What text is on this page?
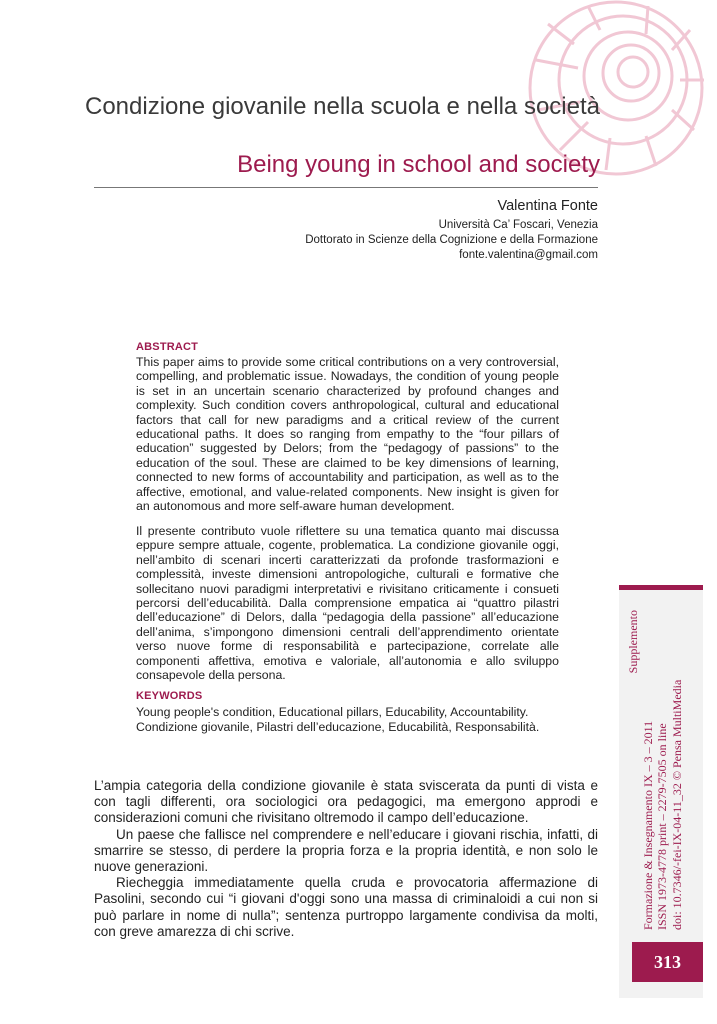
Condizione giovanile nella scuola e nella società
Being young in school and society
Valentina Fonte
Università Ca’ Foscari, Venezia
Dottorato in Scienze della Cognizione e della Formazione
fonte.valentina@gmail.com
ABSTRACT
This paper aims to provide some critical contributions on a very controversial, compelling, and problematic issue. Nowadays, the condition of young people is set in an uncertain scenario characterized by profound changes and complexity. Such condition covers anthropological, cultural and educational factors that call for new paradigms and a critical review of the current educational paths. It does so ranging from empathy to the “four pillars of education” suggested by Delors; from the “pedagogy of passions” to the education of the soul. These are claimed to be key dimensions of learning, connected to new forms of accountability and participation, as well as to the affective, emotional, and value-related components. New insight is given for an autonomous and more self-aware human development.
Il presente contributo vuole riflettere su una tematica quanto mai discussa eppure sempre attuale, cogente, problematica. La condizione giovanile oggi, nell’ambito di scenari incerti caratterizzati da profonde trasformazioni e complessità, investe dimensioni antropologiche, culturali e formative che sollecitano nuovi paradigmi interpretativi e rivisitano criticamente i consueti percorsi dell’educabilità. Dalla comprensione empatica ai “quattro pilastri dell’educazione” di Delors, dalla “pedagogia della passione” all’educazione dell’anima, s’impongono dimensioni centrali dell’apprendimento orientate verso nuove forme di responsabilità e partecipazione, correlate alle componenti affettiva, emotiva e valoriale, all’autonomia e allo sviluppo consapevole della persona.
KEYWORDS
Young people's condition, Educational pillars, Educability, Accountability.
Condizione giovanile, Pilastri dell’educazione, Educabilità, Responsabilità.

L’ampia categoria della condizione giovanile è stata sviscerata da punti di vista e con tagli differenti, ora sociologici ora pedagogici, ma emergono approdi e considerazioni comuni che rivisitano oltremodo il campo dell’educazione.

Un paese che fallisce nel comprendere e nell’educare i giovani rischia, infatti, di smarrire se stesso, di perdere la propria forza e la propria identità, e non solo le nuove generazioni.

Riecheggia immediatamente quella cruda e provocatoria affermazione di Pasolini, secondo cui “i giovani d'oggi sono una massa di criminaloidi a cui non si può parlare in nome di nulla”; sentenza purtroppo largamente condivisa da molti, con greve amarezza di chi scrive.

Supplemento
Formazione & Insegnamento IX – 3 – 2011 ISSN 1973-4778 print – 2279-7505 on line doi: 10.7346/-fei-IX-04-11_32 © Pensa MultiMedia
313
